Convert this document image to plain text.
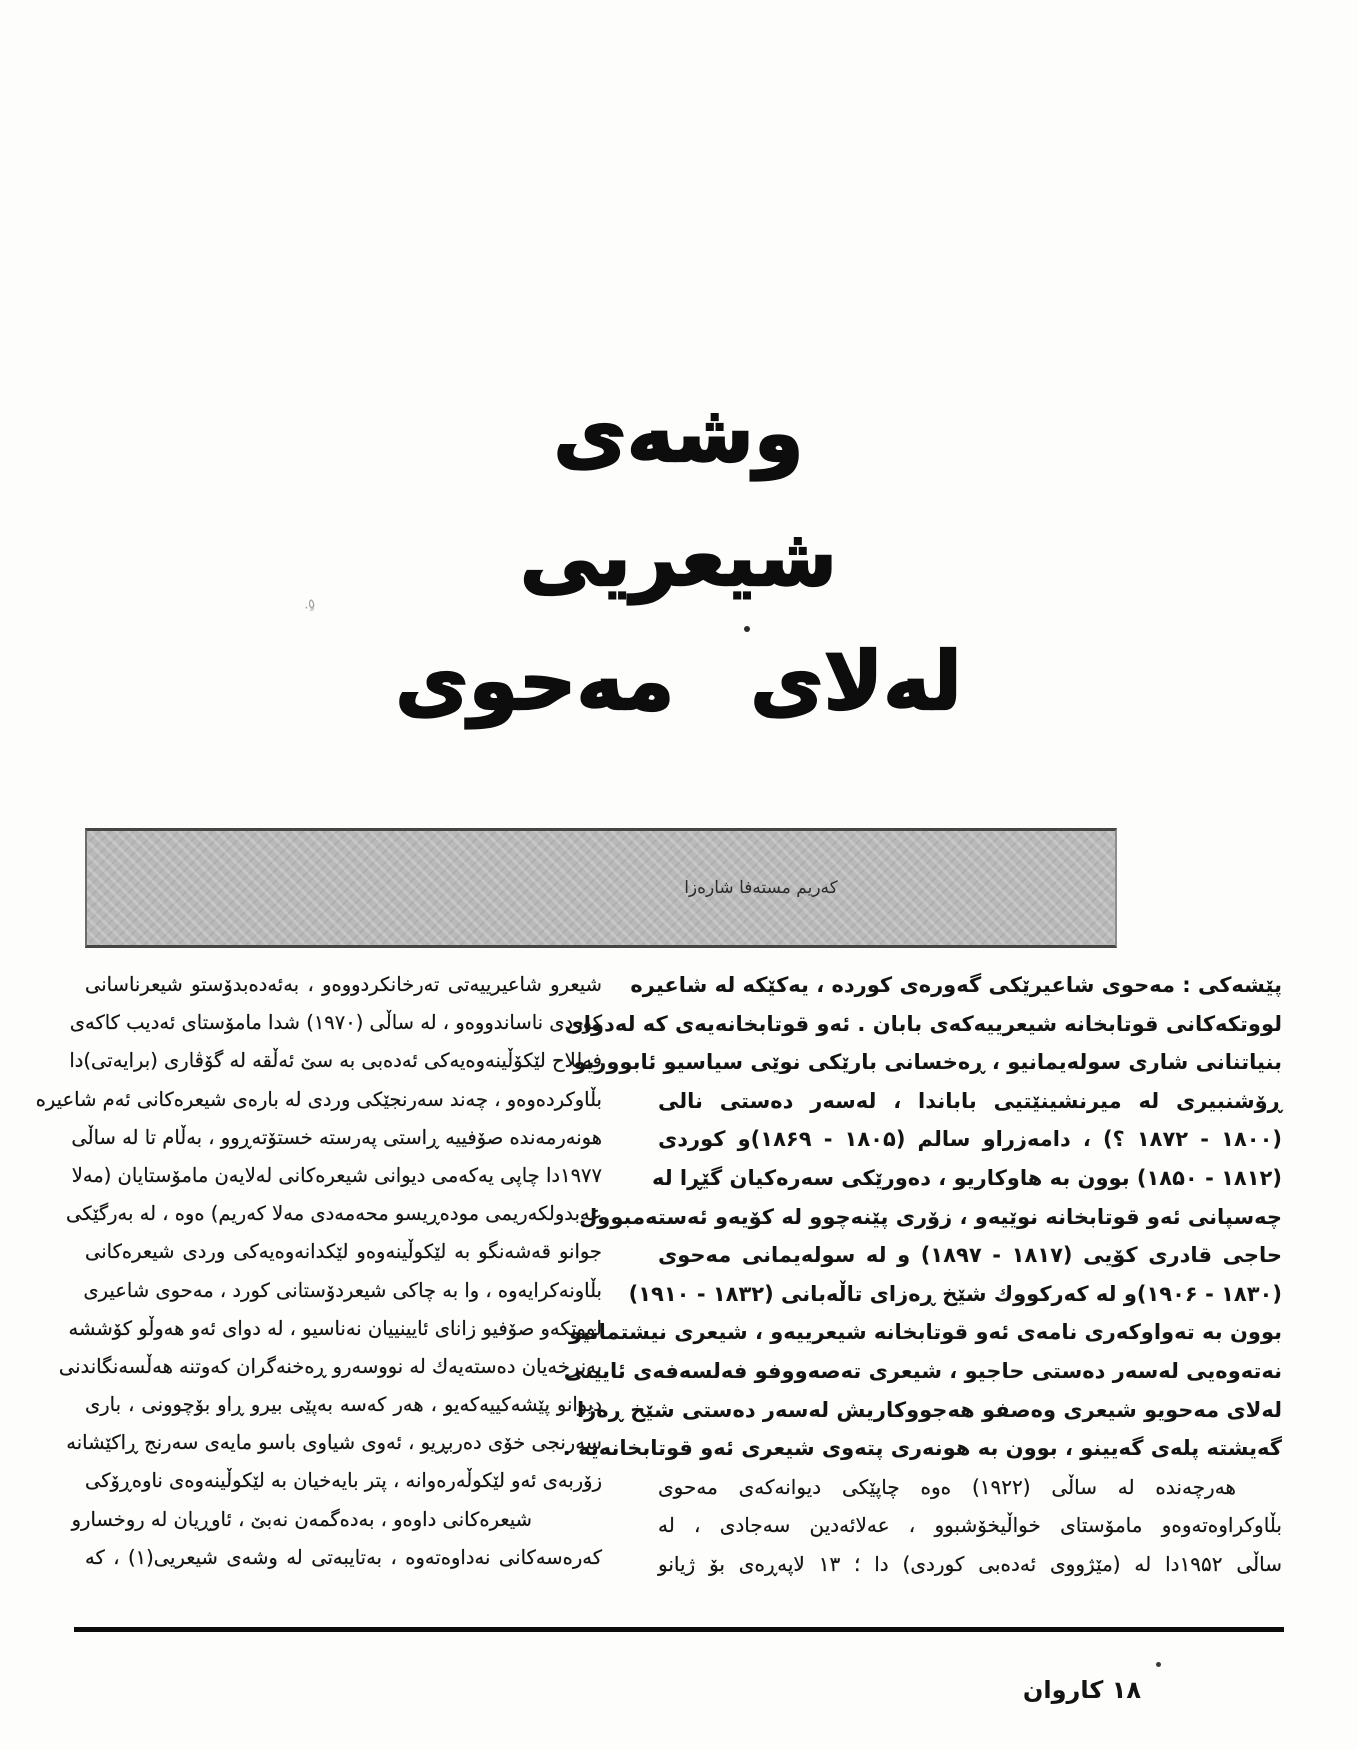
وشەی
شیعریی
لەلای مەحوی
.ٍ٥
کەریم مستەفا شارەزا
پێشەکی : مەحوی شاعیرێکی گەورەی کوردە ، یەکێکە لە شاعیرە
لووتکەکانی قوتابخانە شیعرییەکەی بابان . ئەو قوتابخانەیەی کە لەدوای
بنیاتنانی شاری سولەیمانیو ، ڕەخسانی بارێکی نوێی سیاسیو ئابووریو
ڕۆشنبیری لە میرنشینێتیی باباندا ، لەسەر دەستی نالی
(۱۸۰۰ - ۱۸۷۲ ؟) ، دامەزراو سالم (۱۸۰۵ - ۱۸۶۹)و کوردی
(۱۸۱۲ - ۱۸۵۰) بوون بە هاوکاریو ، دەورێکی سەرەکیان گێڕا لە
چەسپانی ئەو قوتابخانە نوێیەو ، زۆری پێنەچوو لە کۆیەو ئەستەمبوول
حاجی قادری کۆیی (۱۸۱۷ - ۱۸۹۷) و لە سولەیمانی مەحوی
(۱۸۳۰ - ۱۹۰۶)و لە کەرکووك شێخ ڕەزای تاڵەبانی (۱۸۳۲ - ۱۹۱۰)
بوون بە تەواوکەری نامەی ئەو قوتابخانە شیعرییەو ، شیعری نیشتمانیو
نەتەوەیی لەسەر دەستی حاجیو ، شیعری تەصەووفو فەلسەفەی ئایینی
لەلای مەحویو شیعری وەصفو هەجووکاریش لەسەر دەستی شێخ ڕەزا
گەیشتە پلەی گەیینو ، بوون بە هونەری پتەوی شیعری ئەو قوتابخانەیە .
هەرچەندە لە ساڵی (۱۹۲۲) ەوە چاپێکی دیوانەکەی مەحوی
بڵاوکراوەتەوەو مامۆستای خواڵیخۆشبوو ، عەلائەدین سەجادی ، لە
ساڵی ۱۹۵۲دا لە (مێژووی ئەدەبی کوردی) دا ؛ ۱۳ لاپەڕەی بۆ ژیانو
شیعرو شاعیرییەتی تەرخانکردووەو ، بەئەدەبدۆستو شیعرناسانی
کوردی ناساندووەو ، لە ساڵی (۱۹۷۰) شدا مامۆستای ئەدیب کاکەی
فەللاح لێکۆڵینەوەیەکی ئەدەبی بە سێ ئەڵقە لە گۆڤاری (برایەتی)دا
بڵاوکردەوەو ، چەند سەرنجێکی وردی لە بارەی شیعرەکانی ئەم شاعیرە
هونەرمەندە صۆفییە ڕاستی پەرستە خستۆتەڕوو ، بەڵام تا لە ساڵی
۱۹۷۷دا چاپی یەکەمی دیوانی شیعرەکانی لەلایەن مامۆستایان (مەلا
عەبدولکەریمی مودەڕیسو محەمەدی مەلا کەریم) ەوە ، لە بەرگێکی
جوانو قەشەنگو بە لێکوڵینەوەو لێکدانەوەیەکی وردی شیعرەکانی
بڵاونەکرایەوە ، وا بە چاکی شیعردۆستانی کورد ، مەحوی شاعیری
لووتکەو صۆفیو زانای ئایینییان نەناسیو ، لە دوای ئەو هەوڵو کۆششە
بەنرخەیان دەستەیەك لە نووسەرو ڕەخنەگران کەوتنە هەڵسەنگاندنی
دیوانو پێشەکییەکەیو ، هەر کەسە بەپێی بیرو ڕاو بۆچوونی ، باری
سەرنجی خۆی دەربڕیو ، ئەوی شیاوی باسو مایەی سەرنج ڕاکێشانە
زۆربەی ئەو لێکوڵەرەوانە ، پتر بایەخیان بە لێکوڵینەوەی ناوەڕۆکی
شیعرەکانی داوەو ، بەدەگمەن نەبێ ، ئاوڕیان لە روخسارو
کەرەسەکانی نەداوەتەوە ، بەتایبەتی لە وشەی شیعریی(۱) ، کە
۱۸ کاروان
